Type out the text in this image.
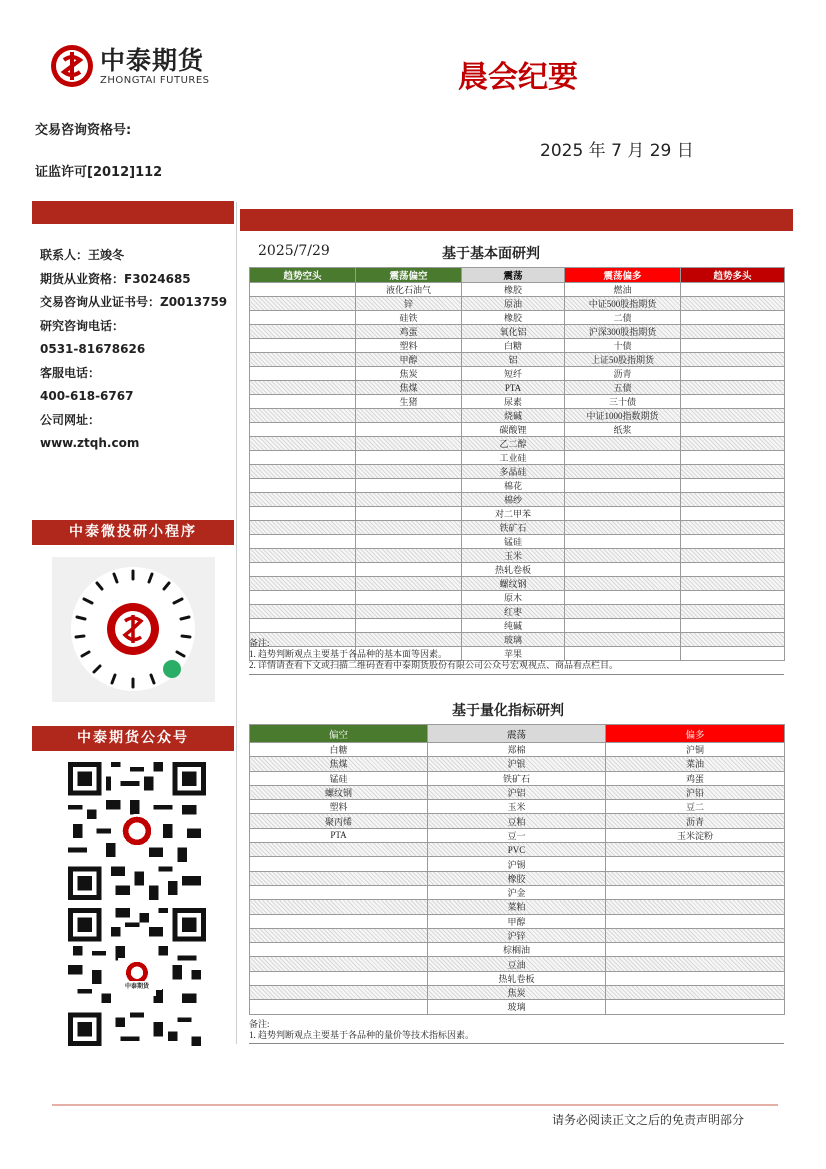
中泰期货
ZHONGTAI FUTURES	晨会纪要
交易咨询资格号:
证监许可[2012]112
2025 年 7 月 29 日
联系人：王竣冬
期货从业资格：F3024685
交易咨询从业证书号：Z0013759
研究咨询电话：
0531-81678626
客服电话：
400-618-6767
公司网址：
www.ztqh.com
中泰微投研小程序
中泰期货公众号
中泰期货
2025/7/29	基于基本面研判
趋势空头	震荡偏空	震荡	震荡偏多	趋势多头
	液化石油气	橡胶	燃油	
	锌	原油	中证500股指期货	
	硅铁	橡胶	二债	
	鸡蛋	氧化铝	沪深300股指期货	
	塑料	白糖	十债	
	甲醇	铝	上证50股指期货	
	焦炭	短纤	沥青	
	焦煤	PTA	五债	
	生猪	尿素	三十债	
		烧碱	中证1000指数期货	
		碳酸锂	纸浆	
		乙二醇		
		工业硅		
		多晶硅		
		棉花		
		棉纱		
		对二甲苯		
		铁矿石		
		锰硅		
		玉米		
		热轧卷板		
		螺纹钢		
		原木		
		红枣		
		纯碱		
		玻璃		
		苹果		
备注:
1. 趋势判断观点主要基于各品种的基本面等因素。
2. 详情请查看下文或扫描二维码查看中泰期货股份有限公司公众号宏观视点、商品看点栏目。
基于量化指标研判
偏空	震荡	偏多
白糖	郑棉	沪铜
焦煤	沪银	菜油
锰硅	铁矿石	鸡蛋
螺纹钢	沪铝	沪铅
塑料	玉米	豆二
聚丙烯	豆粕	沥青
PTA	豆一	玉米淀粉
	PVC	
	沪锡	
	橡胶	
	沪金	
	菜粕	
	甲醇	
	沪锌	
	棕榈油	
	豆油	
	热轧卷板	
	焦炭	
	玻璃	
备注:
1. 趋势判断观点主要基于各品种的量价等技术指标因素。
请务必阅读正文之后的免责声明部分
